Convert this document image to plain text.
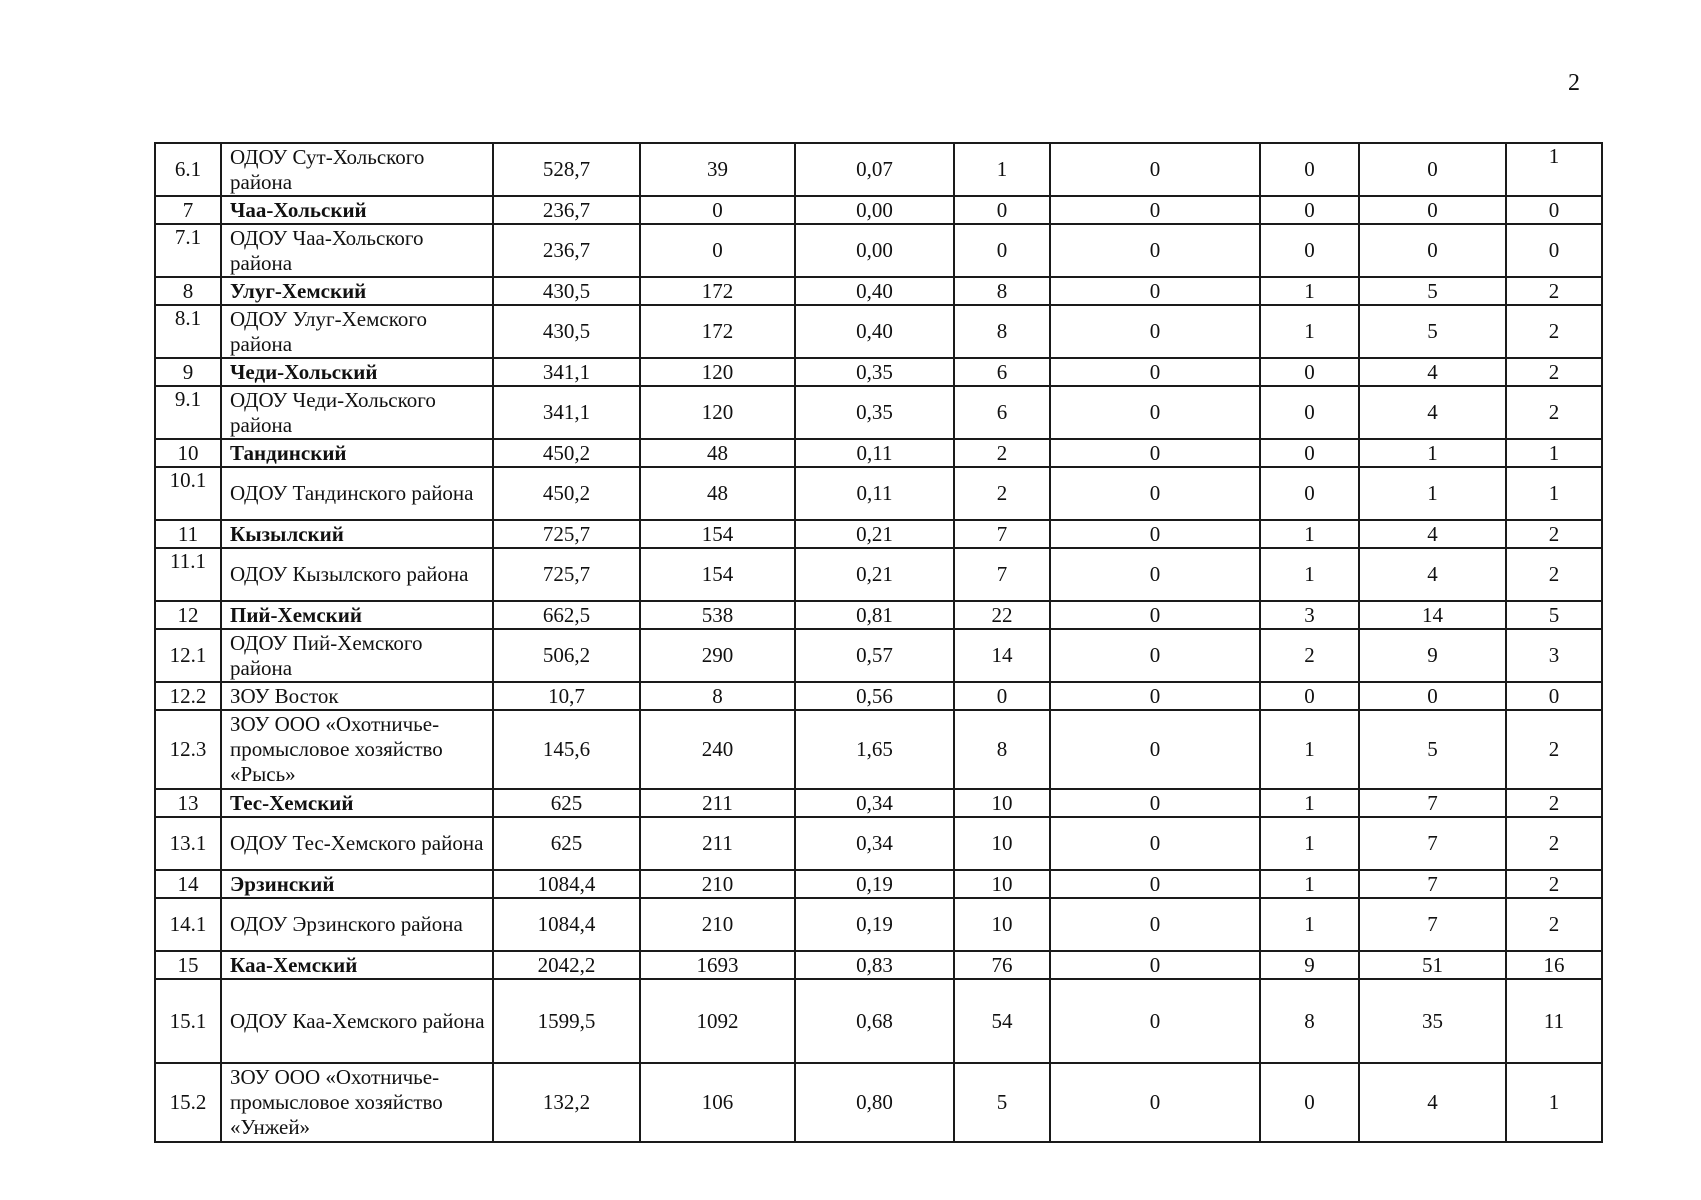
2
6.1	ОДОУ Сут-Хольского района	528,7	39	0,07	1	0	0	0	1
7	Чаа-Хольский	236,7	0	0,00	0	0	0	0	0
7.1	ОДОУ Чаа-Хольского района	236,7	0	0,00	0	0	0	0	0
8	Улуг-Хемский	430,5	172	0,40	8	0	1	5	2
8.1	ОДОУ Улуг-Хемского района	430,5	172	0,40	8	0	1	5	2
9	Чеди-Хольский	341,1	120	0,35	6	0	0	4	2
9.1	ОДОУ Чеди-Хольского района	341,1	120	0,35	6	0	0	4	2
10	Тандинский	450,2	48	0,11	2	0	0	1	1
10.1	ОДОУ Тандинского района	450,2	48	0,11	2	0	0	1	1
11	Кызылский	725,7	154	0,21	7	0	1	4	2
11.1	ОДОУ Кызылского района	725,7	154	0,21	7	0	1	4	2
12	Пий-Хемский	662,5	538	0,81	22	0	3	14	5
12.1	ОДОУ Пий-Хемского района	506,2	290	0,57	14	0	2	9	3
12.2	ЗОУ Восток	10,7	8	0,56	0	0	0	0	0
12.3	ЗОУ ООО «Охотничье-промысловое хозяйство «Рысь»	145,6	240	1,65	8	0	1	5	2
13	Тес-Хемский	625	211	0,34	10	0	1	7	2
13.1	ОДОУ Тес-Хемского района	625	211	0,34	10	0	1	7	2
14	Эрзинский	1084,4	210	0,19	10	0	1	7	2
14.1	ОДОУ Эрзинского района	1084,4	210	0,19	10	0	1	7	2
15	Каа-Хемский	2042,2	1693	0,83	76	0	9	51	16
15.1	ОДОУ Каа-Хемского района	1599,5	1092	0,68	54	0	8	35	11
15.2	ЗОУ ООО «Охотничье-промысловое хозяйство «Унжей»	132,2	106	0,80	5	0	0	4	1
